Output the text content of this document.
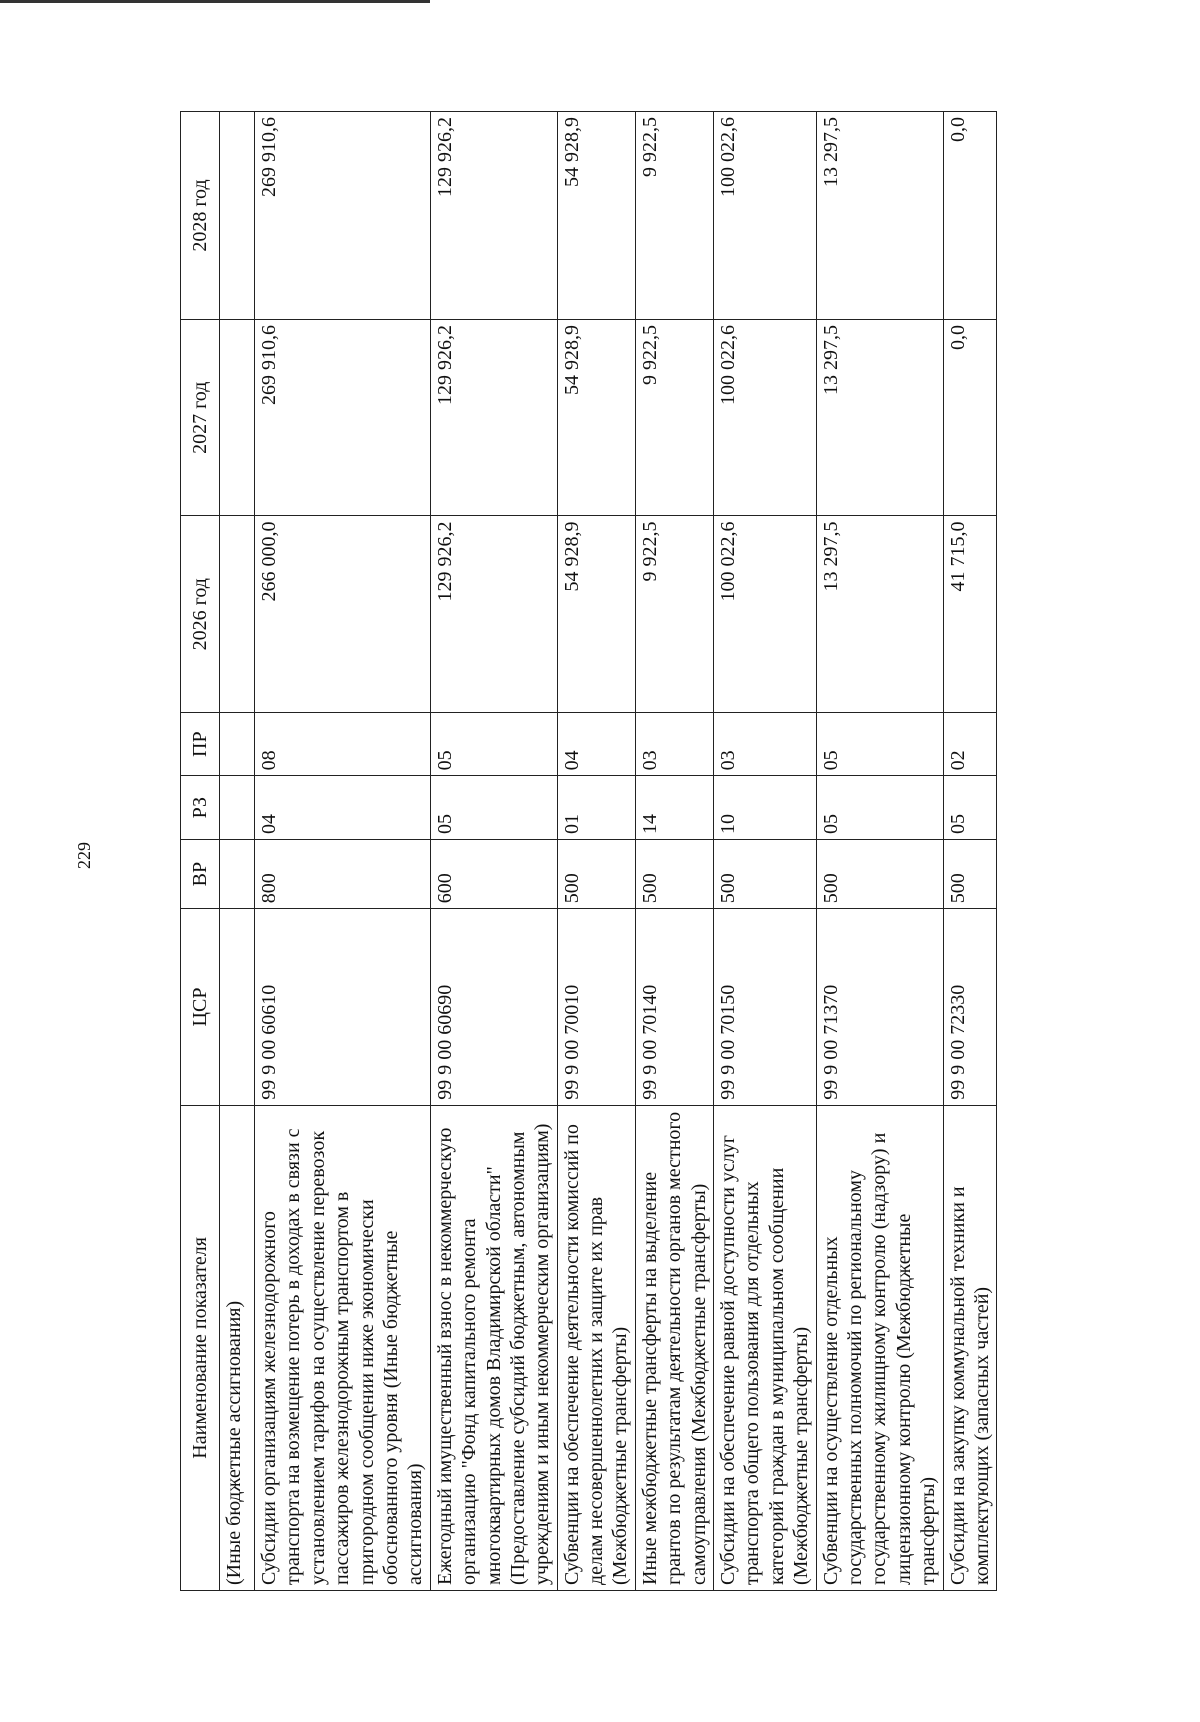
229
Наименование показателя	ЦСР	ВР	РЗ	ПР	2026 год	2027 год	2028 год
(Иные бюджетные ассигнования)							
Субсидии организациям железнодорожного транспорта на возмещение потерь в доходах в связи с установлением тарифов на осуществление перевозок пассажиров железнодорожным транспортом в пригородном сообщении ниже экономически обоснованного уровня (Иные бюджетные ассигнования)	99 9 00 60610	800	04	08	266 000,0	269 910,6	269 910,6
Ежегодный имущественный взнос в некоммерческую организацию "Фонд капитального ремонта многоквартирных домов Владимирской области" (Предоставление субсидий бюджетным, автономным учреждениям и иным некоммерческим организациям)	99 9 00 60690	600	05	05	129 926,2	129 926,2	129 926,2
Субвенции на обеспечение деятельности комиссий по делам несовершеннолетних и защите их прав (Межбюджетные трансферты)	99 9 00 70010	500	01	04	54 928,9	54 928,9	54 928,9
Иные межбюджетные трансферты на выделение грантов по результатам деятельности органов местного самоуправления (Межбюджетные трансферты)	99 9 00 70140	500	14	03	9 922,5	9 922,5	9 922,5
Субсидии на обеспечение равной доступности услуг транспорта общего пользования для отдельных категорий граждан в муниципальном сообщении (Межбюджетные трансферты)	99 9 00 70150	500	10	03	100 022,6	100 022,6	100 022,6
Субвенции на осуществление отдельных государственных полномочий по региональному государственному жилищному контролю (надзору) и лицензионному контролю (Межбюджетные трансферты)	99 9 00 71370	500	05	05	13 297,5	13 297,5	13 297,5
Субсидии на закупку коммунальной техники и комплектующих (запасных частей)	99 9 00 72330	500	05	02	41 715,0	0,0	0,0
